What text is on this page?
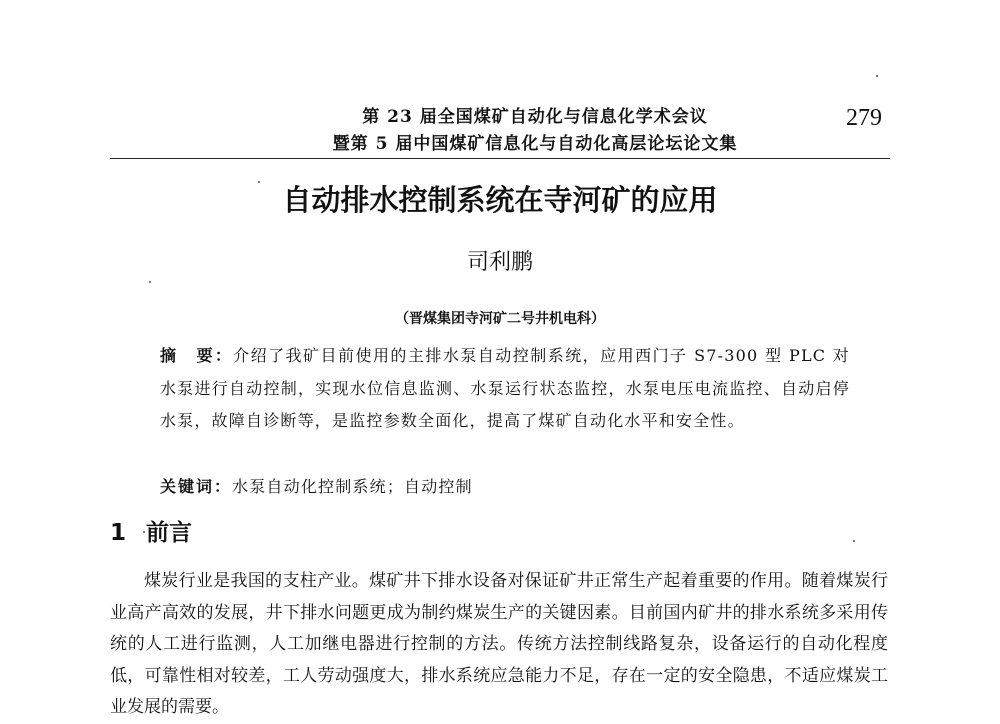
第 23 届全国煤矿自动化与信息化学术会议
暨第 5 届中国煤矿信息化与自动化高层论坛论文集
279
自动排水控制系统在寺河矿的应用
司利鹏
（晋煤集团寺河矿二号井机电科）
摘　要：介绍了我矿目前使用的主排水泵自动控制系统，应用西门子 S7-300 型 PLC 对水泵进行自动控制，实现水位信息监测、水泵运行状态监控，水泵电压电流监控、自动启停水泵，故障自诊断等，是监控参数全面化，提高了煤矿自动化水平和安全性。
关键词：水泵自动化控制系统；自动控制
1 前言

煤炭行业是我国的支柱产业。煤矿井下排水设备对保证矿井正常生产起着重要的作用。随着煤炭行业高产高效的发展，井下排水问题更成为制约煤炭生产的关键因素。目前国内矿井的排水系统多采用传统的人工进行监测，人工加继电器进行控制的方法。传统方法控制线路复杂，设备运行的自动化程度低，可靠性相对较差，工人劳动强度大，排水系统应急能力不足，存在一定的安全隐患，不适应煤炭工业发展的需要。
